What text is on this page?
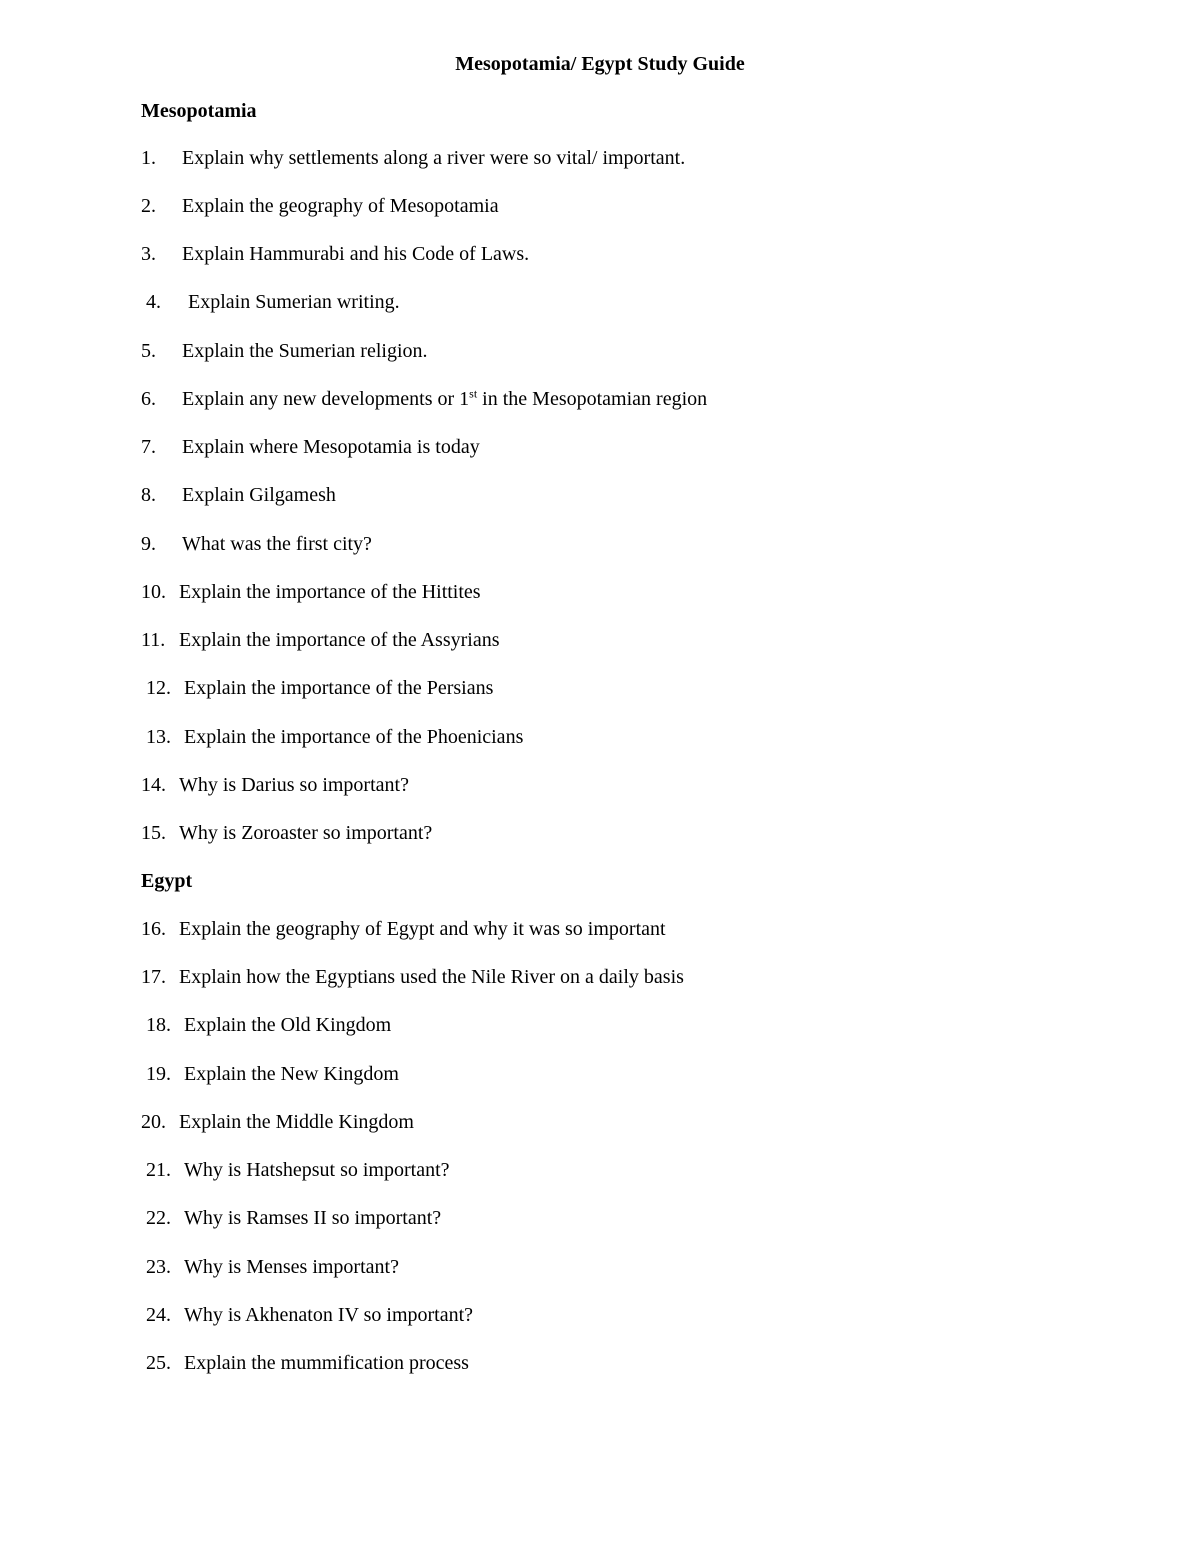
Mesopotamia/ Egypt Study Guide
Mesopotamia
1. Explain why settlements along a river were so vital/ important.
2. Explain the geography of Mesopotamia
3. Explain Hammurabi and his Code of Laws.
4. Explain Sumerian writing.
5. Explain the Sumerian religion.
6. Explain any new developments or 1st in the Mesopotamian region
7. Explain where Mesopotamia is today
8. Explain Gilgamesh
9. What was the first city?
10. Explain the importance of the Hittites
11. Explain the importance of the Assyrians
12. Explain the importance of the Persians
13. Explain the importance of the Phoenicians
14. Why is Darius so important?
15. Why is Zoroaster so important?
Egypt
16. Explain the geography of Egypt and why it was so important
17. Explain how the Egyptians used the Nile River on a daily basis
18. Explain the Old Kingdom
19. Explain the New Kingdom
20. Explain the Middle Kingdom
21. Why is Hatshepsut so important?
22. Why is Ramses II so important?
23. Why is Menses important?
24. Why is Akhenaton IV so important?
25. Explain the mummification process
